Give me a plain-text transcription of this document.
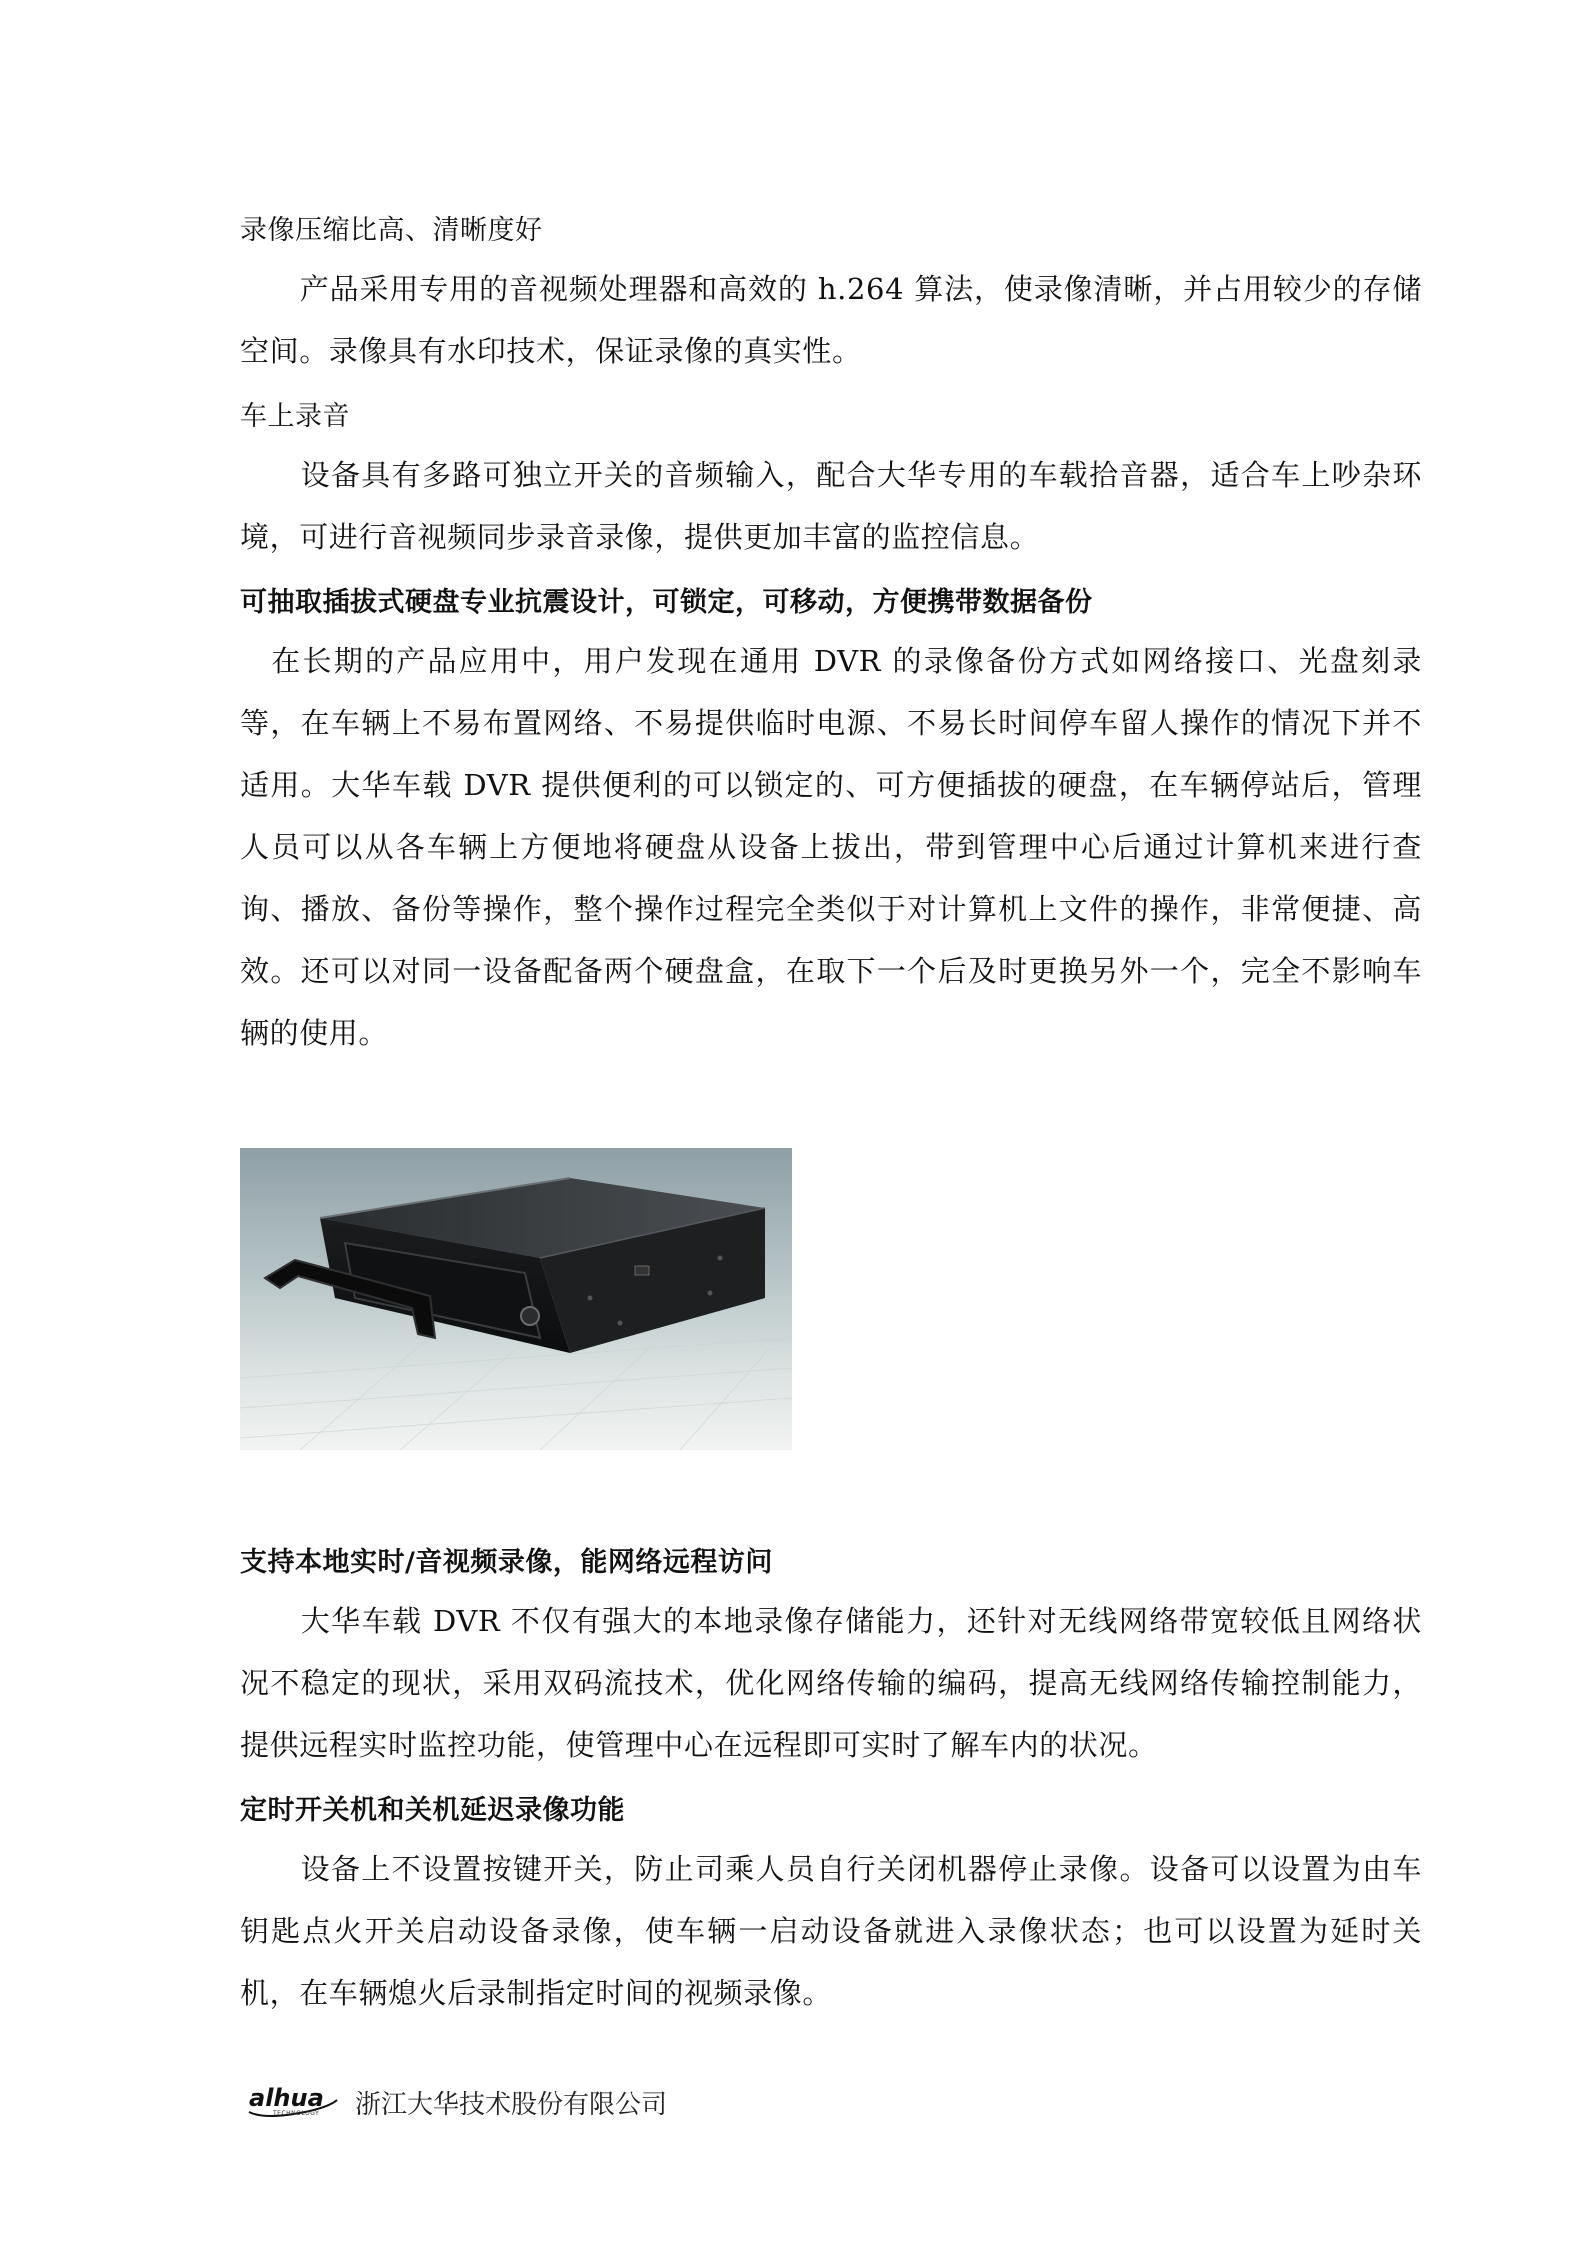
录像压缩比高、清晰度好

　　产品采用专用的音视频处理器和高效的 h.264 算法，使录像清晰，并占用较少的存储空间。录像具有水印技术，保证录像的真实性。

车上录音

　　设备具有多路可独立开关的音频输入，配合大华专用的车载拾音器，适合车上吵杂环境，可进行音视频同步录音录像，提供更加丰富的监控信息。

可抽取插拔式硬盘专业抗震设计，可锁定，可移动，方便携带数据备份

　在长期的产品应用中，用户发现在通用 DVR 的录像备份方式如网络接口、光盘刻录等，在车辆上不易布置网络、不易提供临时电源、不易长时间停车留人操作的情况下并不适用。大华车载 DVR 提供便利的可以锁定的、可方便插拔的硬盘，在车辆停站后，管理人员可以从各车辆上方便地将硬盘从设备上拔出，带到管理中心后通过计算机来进行查询、播放、备份等操作，整个操作过程完全类似于对计算机上文件的操作，非常便捷、高效。还可以对同一设备配备两个硬盘盒，在取下一个后及时更换另外一个，完全不影响车辆的使用。

支持本地实时/音视频录像，能网络远程访问

　　大华车载 DVR 不仅有强大的本地录像存储能力，还针对无线网络带宽较低且网络状况不稳定的现状，采用双码流技术，优化网络传输的编码，提高无线网络传输控制能力，提供远程实时监控功能，使管理中心在远程即可实时了解车内的状况。

定时开关机和关机延迟录像功能

　　设备上不设置按键开关，防止司乘人员自行关闭机器停止录像。设备可以设置为由车钥匙点火开关启动设备录像，使车辆一启动设备就进入录像状态；也可以设置为延时关机，在车辆熄火后录制指定时间的视频录像。

alhua
TECHNOLOGY 浙江大华技术股份有限公司
